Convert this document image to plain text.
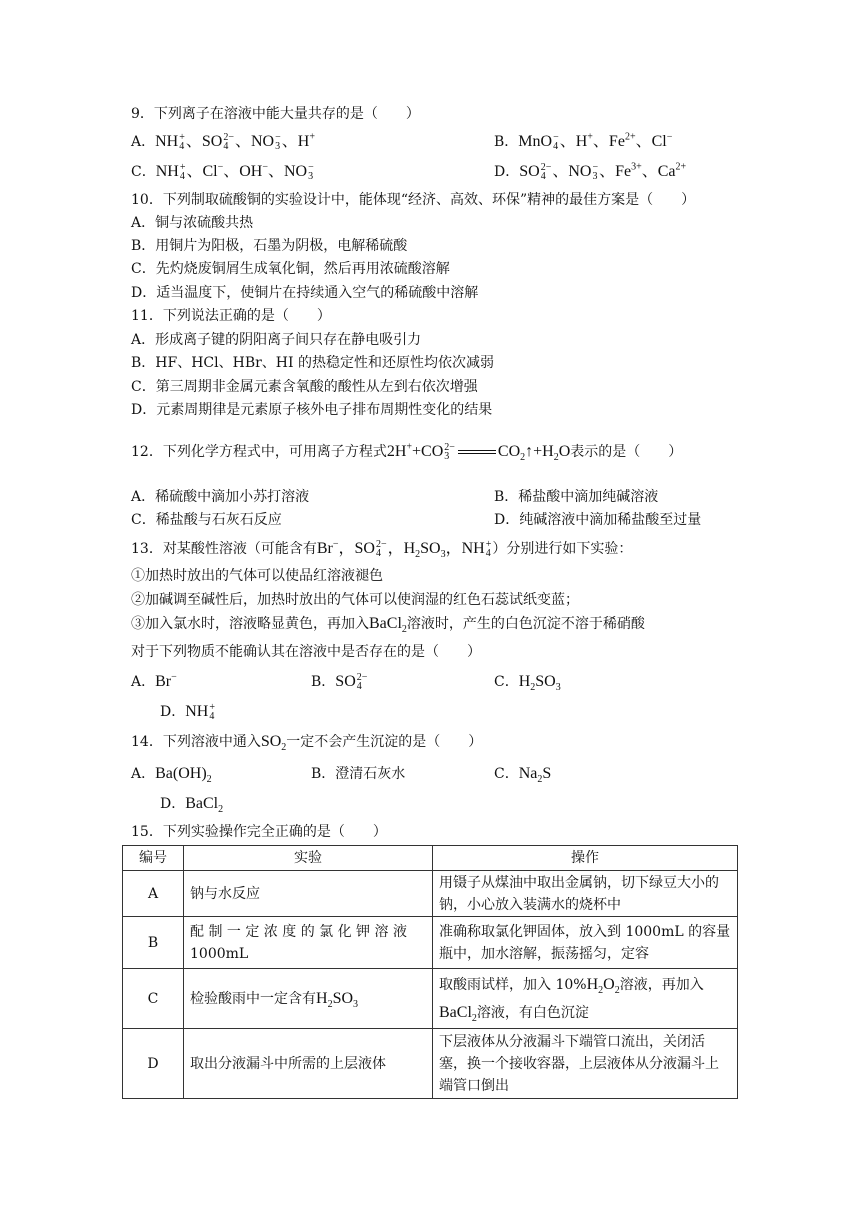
9．下列离子在溶液中能大量共存的是（　　）
A．NH +
4 、SO 2−
4 、NO −
3 、H+	B．MnO −
4 、H+、$Fe^{2+}$、Cl−
C．NH +
4 、Cl−、OH−、NO −
3	D．SO 2−
4 、NO −
3 、$Fe^{3+}$、$Ca^{2+}$
10．下列制取硫酸铜的实验设计中，能体现“经济、高效、环保”精神的最佳方案是（　　）
A．铜与浓硫酸共热
B．用铜片为阳极，石墨为阴极，电解稀硫酸
C．先灼烧废铜屑生成氧化铜，然后再用浓硫酸溶解
D．适当温度下，使铜片在持续通入空气的稀硫酸中溶解
11．下列说法正确的是（　　）
A．形成离子键的阴阳离子间只存在静电吸引力
B．HF、HCl、HBr、HI 的热稳定性和还原性均依次减弱
C．第三周期非金属元素含氧酸的酸性从左到右依次增强
D．元素周期律是元素原子核外电子排布周期性变化的结果
12．下列化学方程式中，可用离子方程式2H++CO 2−
3	$CO_2↑+H_2O$表示的是（　　）
A．稀硫酸中滴加小苏打溶液	B．稀盐酸中滴加纯碱溶液
C．稀盐酸与石灰石反应	D．纯碱溶液中滴加稀盐酸至过量
13．对某酸性溶液（可能含有Br−，SO 2−
4 ，$H_2SO_3$，NH +
4 ）分别进行如下实验：
①加热时放出的气体可以使品红溶液褪色
②加碱调至碱性后，加热时放出的气体可以使润湿的红色石蕊试纸变蓝；
③加入氯水时，溶液略显黄色，再加入BaCl$_2$溶液时，产生的白色沉淀不溶于稀硝酸
对于下列物质不能确认其在溶液中是否存在的是（　　）
A．Br−	B．SO 2−
4	C．$H_2SO_3$
D．NH +
4
14．下列溶液中通入$SO_2$一定不会产生沉淀的是（　　）
A．$Ba(OH)_2$	B．澄清石灰水	C．$Na_2S$
D．BaCl$_2$
15．下列实验操作完全正确的是（　　）
编号	实验	操作
A	钠与水反应	用镊子从煤油中取出金属钠，切下绿豆大小的钠，小心放入装满水的烧杯中
B	配 制 一 定 浓 度 的 氯 化 钾 溶 液 1000mL	准确称取氯化钾固体，放入到 1000mL 的容量瓶中，加水溶解，振荡摇匀，定容
C	检验酸雨中一定含有$H_2SO_3$	取酸雨试样，加入 $10\%H_2O_2$溶液，再加入
BaCl$_2$溶液，有白色沉淀
D	取出分液漏斗中所需的上层液体	下层液体从分液漏斗下端管口流出，关闭活塞，换一个接收容器，上层液体从分液漏斗上端管口倒出
